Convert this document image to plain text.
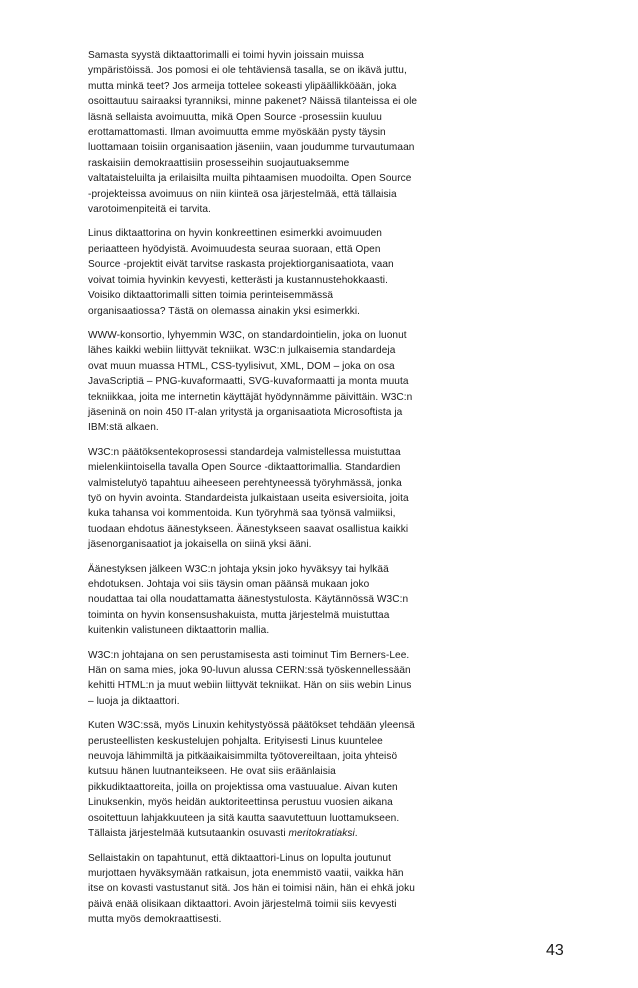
Samasta syystä diktaattorimalli ei toimi hyvin joissain muissa
ympäristöissä. Jos pomosi ei ole tehtäviensä tasalla, se on ikävä juttu,
mutta minkä teet? Jos armeija tottelee sokeasti ylipäällikköään, joka
osoittautuu sairaaksi tyranniksi, minne pakenet? Näissä tilanteissa ei ole
läsnä sellaista avoimuutta, mikä Open Source -prosessiin kuuluu
erottamattomasti. Ilman avoimuutta emme myöskään pysty täysin
luottamaan toisiin organisaation jäseniin, vaan joudumme turvautumaan
raskaisiin demokraattisiin prosesseihin suojautuaksemme
valtataisteluilta ja erilaisilta muilta pihtaamisen muodoilta. Open Source
-projekteissa avoimuus on niin kiinteä osa järjestelmää, että tällaisia
varotoimenpiteitä ei tarvita.

Linus diktaattorina on hyvin konkreettinen esimerkki avoimuuden
periaatteen hyödyistä. Avoimuudesta seuraa suoraan, että Open
Source -projektit eivät tarvitse raskasta projektiorganisaatiota, vaan
voivat toimia hyvinkin kevyesti, ketterästi ja kustannustehokkaasti.
Voisiko diktaattorimalli sitten toimia perinteisemmässä
organisaatiossa? Tästä on olemassa ainakin yksi esimerkki.

WWW-konsortio, lyhyemmin W3C, on standardointielin, joka on luonut
lähes kaikki webiin liittyvät tekniikat. W3C:n julkaisemia standardeja
ovat muun muassa HTML, CSS-tyylisivut, XML, DOM – joka on osa
JavaScriptiä – PNG-kuvaformaatti, SVG-kuvaformaatti ja monta muuta
tekniikkaa, joita me internetin käyttäjät hyödynnämme päivittäin. W3C:n
jäseninä on noin 450 IT-alan yritystä ja organisaatiota Microsoftista ja
IBM:stä alkaen.

W3C:n päätöksentekoprosessi standardeja valmistellessa muistuttaa
mielenkiintoisella tavalla Open Source -diktaattorimallia. Standardien
valmistelutyö tapahtuu aiheeseen perehtyneessä työryhmässä, jonka
työ on hyvin avointa. Standardeista julkaistaan useita esiversioita, joita
kuka tahansa voi kommentoida. Kun työryhmä saa työnsä valmiiksi,
tuodaan ehdotus äänestykseen. Äänestykseen saavat osallistua kaikki
jäsenorganisaatiot ja jokaisella on siinä yksi ääni.

Äänestyksen jälkeen W3C:n johtaja yksin joko hyväksyy tai hylkää
ehdotuksen. Johtaja voi siis täysin oman päänsä mukaan joko
noudattaa tai olla noudattamatta äänestystulosta. Käytännössä W3C:n
toiminta on hyvin konsensushakuista, mutta järjestelmä muistuttaa
kuitenkin valistuneen diktaattorin mallia.

W3C:n johtajana on sen perustamisesta asti toiminut Tim Berners-Lee.
Hän on sama mies, joka 90-luvun alussa CERN:ssä työskennellessään
kehitti HTML:n ja muut webiin liittyvät tekniikat. Hän on siis webin Linus
– luoja ja diktaattori.

Kuten W3C:ssä, myös Linuxin kehitystyössä päätökset tehdään yleensä
perusteellisten keskustelujen pohjalta. Erityisesti Linus kuuntelee
neuvoja lähimmiltä ja pitkäaikaisimmilta työtovereiltaan, joita yhteisö
kutsuu hänen luutnanteikseen. He ovat siis eräänlaisia
pikkudiktaattoreita, joilla on projektissa oma vastuualue. Aivan kuten
Linuksenkin, myös heidän auktoriteettinsa perustuu vuosien aikana
osoitettuun lahjakkuuteen ja sitä kautta saavutettuun luottamukseen.
Tällaista järjestelmää kutsutaankin osuvasti meritokratiaksi.

Sellaistakin on tapahtunut, että diktaattori-Linus on lopulta joutunut
murjottaen hyväksymään ratkaisun, jota enemmistö vaatii, vaikka hän
itse on kovasti vastustanut sitä. Jos hän ei toimisi näin, hän ei ehkä joku
päivä enää olisikaan diktaattori. Avoin järjestelmä toimii siis kevyesti
mutta myös demokraattisesti.

43
